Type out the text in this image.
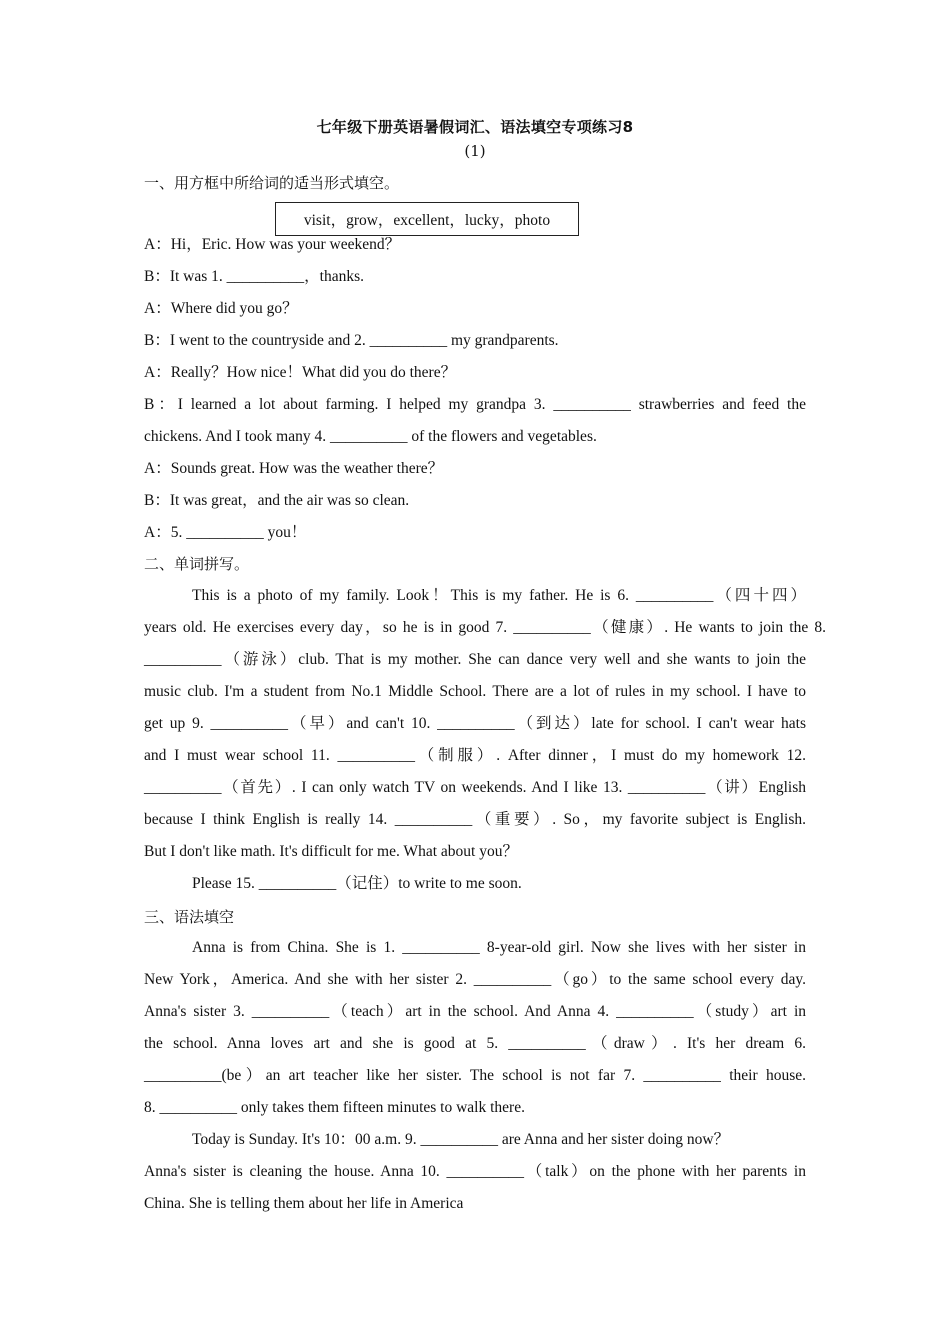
七年级下册英语暑假词汇、语法填空专项练习8
(1)
一、用方框中所给词的适当形式填空。
visit，grow，excellent，lucky，photo
A：Hi，Eric. How was your weekend？
B：It was 1. __________，thanks.
A：Where did you go？
B：I went to the countryside and 2. __________ my grandparents.
A：Really？How nice！What did you do there？
B：I learned a lot about farming. I helped my grandpa 3. __________ strawberries and feed the
chickens. And I took many 4. __________ of the flowers and vegetables.
A：Sounds great. How was the weather there？
B：It was great，and the air was so clean.
A：5. __________ you！
二、单词拼写。
This is a photo of my family. Look！This is my father. He is 6. __________（四十四）
years old. He exercises every day，so he is in good 7. __________（健康）. He wants to join the 8.
__________（游泳）club. That is my mother. She can dance very well and she wants to join the
music club. I'm a student from No.1 Middle School. There are a lot of rules in my school. I have to
get up 9. __________（早）and can't 10. __________（到达）late for school. I can't wear hats
and I must wear school 11. __________（制服）. After dinner，I must do my homework 12.
__________（首先）. I can only watch TV on weekends. And I like 13. __________（讲）English
because I think English is really 14. __________（重要）. So，my favorite subject is English.
But I don't like math. It's difficult for me. What about you？
Please 15. __________（记住）to write to me soon.
三、语法填空
Anna is from China. She is 1. __________ 8-year-old girl. Now she lives with her sister in
New York，America. And she with her sister 2. __________（go）to the same school every day.
Anna's sister 3. __________（teach）art in the school. And Anna 4. __________（study）art in
the school. Anna loves art and she is good at 5. __________（draw）. It's her dream 6.
__________(be）an art teacher like her sister. The school is not far 7. __________ their house.
8. __________ only takes them fifteen minutes to walk there.
Today is Sunday. It's 10：00 a.m. 9. __________ are Anna and her sister doing now？
Anna's sister is cleaning the house. Anna 10. __________（talk）on the phone with her parents in
China. She is telling them about her life in America
